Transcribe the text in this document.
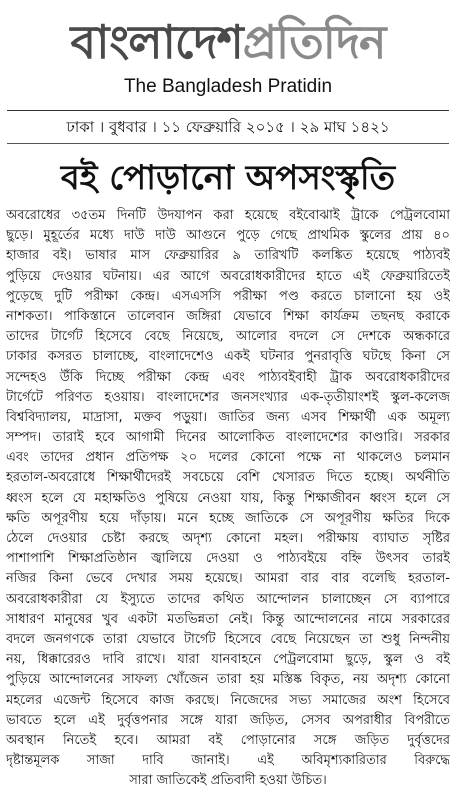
বাংলাদেশপ্রতিদিন
The Bangladesh Pratidin
ঢাকা । বুধবার । ১১ ফেব্রুয়ারি ২০১৫ । ২৯ মাঘ ১৪২১
বই পোড়ানো অপসংস্কৃতি
অবরোধের ৩৫তম দিনটি উদযাপন করা হয়েছে বইবোঝাই ট্রাকে পেট্রলবোমা
ছুড়ে। মুহূর্তের মধ্যে দাউ দাউ আগুনে পুড়ে গেছে প্রাথমিক স্কুলের প্রায় ৪০
হাজার বই। ভাষার মাস ফেব্রুয়ারির ৯ তারিখটি কলঙ্কিত হয়েছে পাঠ্যবই
পুড়িয়ে দেওয়ার ঘটনায়। এর আগে অবরোধকারীদের হাতে এই ফেব্রুয়ারিতেই
পুড়েছে দুটি পরীক্ষা কেন্দ্র। এসএসসি পরীক্ষা পণ্ড করতে চালানো হয় ওই
নাশকতা। পাকিস্তানে তালেবান জঙ্গিরা যেভাবে শিক্ষা কার্যক্রম তছনছ করাকে
তাদের টার্গেট হিসেবে বেছে নিয়েছে, আলোর বদলে সে দেশকে অন্ধকারে
ঢাকার কসরত চালাচ্ছে, বাংলাদেশেও একই ঘটনার পুনরাবৃত্তি ঘটছে কিনা সে
সন্দেহও উঁকি দিচ্ছে পরীক্ষা কেন্দ্র এবং পাঠ্যবইবাহী ট্রাক অবরোধকারীদের
টার্গেটে পরিণত হওয়ায়। বাংলাদেশের জনসংখ্যার এক-তৃতীয়াংশই স্কুল-কলেজ
বিশ্ববিদ্যালয়, মাদ্রাসা, মক্তব পড়ুয়া। জাতির জন্য এসব শিক্ষার্থী এক অমূল্য
সম্পদ। তারাই হবে আগামী দিনের আলোকিত বাংলাদেশের কাণ্ডারি। সরকার
এবং তাদের প্রধান প্রতিপক্ষ ২০ দলের কোনো পক্ষে না থাকলেও চলমান
হরতাল-অবরোধে শিক্ষার্থীদেরই সবচেয়ে বেশি খেসারত দিতে হচ্ছে। অর্থনীতি
ধ্বংস হলে যে মহাক্ষতিও পুষিয়ে নেওয়া যায়, কিন্তু শিক্ষাজীবন ধ্বংস হলে সে
ক্ষতি অপূরণীয় হয়ে দাঁড়ায়। মনে হচ্ছে জাতিকে সে অপূরণীয় ক্ষতির দিকে
ঠেলে দেওয়ার চেষ্টা করছে অদৃশ্য কোনো মহল। পরীক্ষায় ব্যাঘাত সৃষ্টির
পাশাপাশি শিক্ষাপ্রতিষ্ঠান জ্বালিয়ে দেওয়া ও পাঠ্যবইয়ে বহ্নি উৎসব তারই
নজির কিনা ভেবে দেখার সময় হয়েছে। আমরা বার বার বলেছি হরতাল-
অবরোধকারীরা যে ইস্যুতে তাদের কথিত আন্দোলন চালাচ্ছেন সে ব্যাপারে
সাধারণ মানুষের খুব একটা মতভিন্নতা নেই। কিন্তু আন্দোলনের নামে সরকারের
বদলে জনগণকে তারা যেভাবে টার্গেট হিসেবে বেছে নিয়েছেন তা শুধু নিন্দনীয়
নয়, ধিক্কারেরও দাবি রাখে। যারা যানবাহনে পেট্রলবোমা ছুড়ে, স্কুল ও বই
পুড়িয়ে আন্দোলনের সাফল্য খোঁজেন তারা হয় মস্তিষ্ক বিকৃত, নয় অদৃশ্য কোনো
মহলের এজেন্ট হিসেবে কাজ করছে। নিজেদের সভ্য সমাজের অংশ হিসেবে
ভাবতে হলে এই দুর্বৃত্তপনার সঙ্গে যারা জড়িত, সেসব অপরাধীর বিপরীতে
অবস্থান নিতেই হবে। আমরা বই পোড়ানোর সঙ্গে জড়িত দুর্বৃত্তদের
দৃষ্টান্তমূলক সাজা দাবি জানাই। এই অবিমৃশ্যকারিতার বিরুদ্ধে
সারা জাতিকেই প্রতিবাদী হওয়া উচিত।
